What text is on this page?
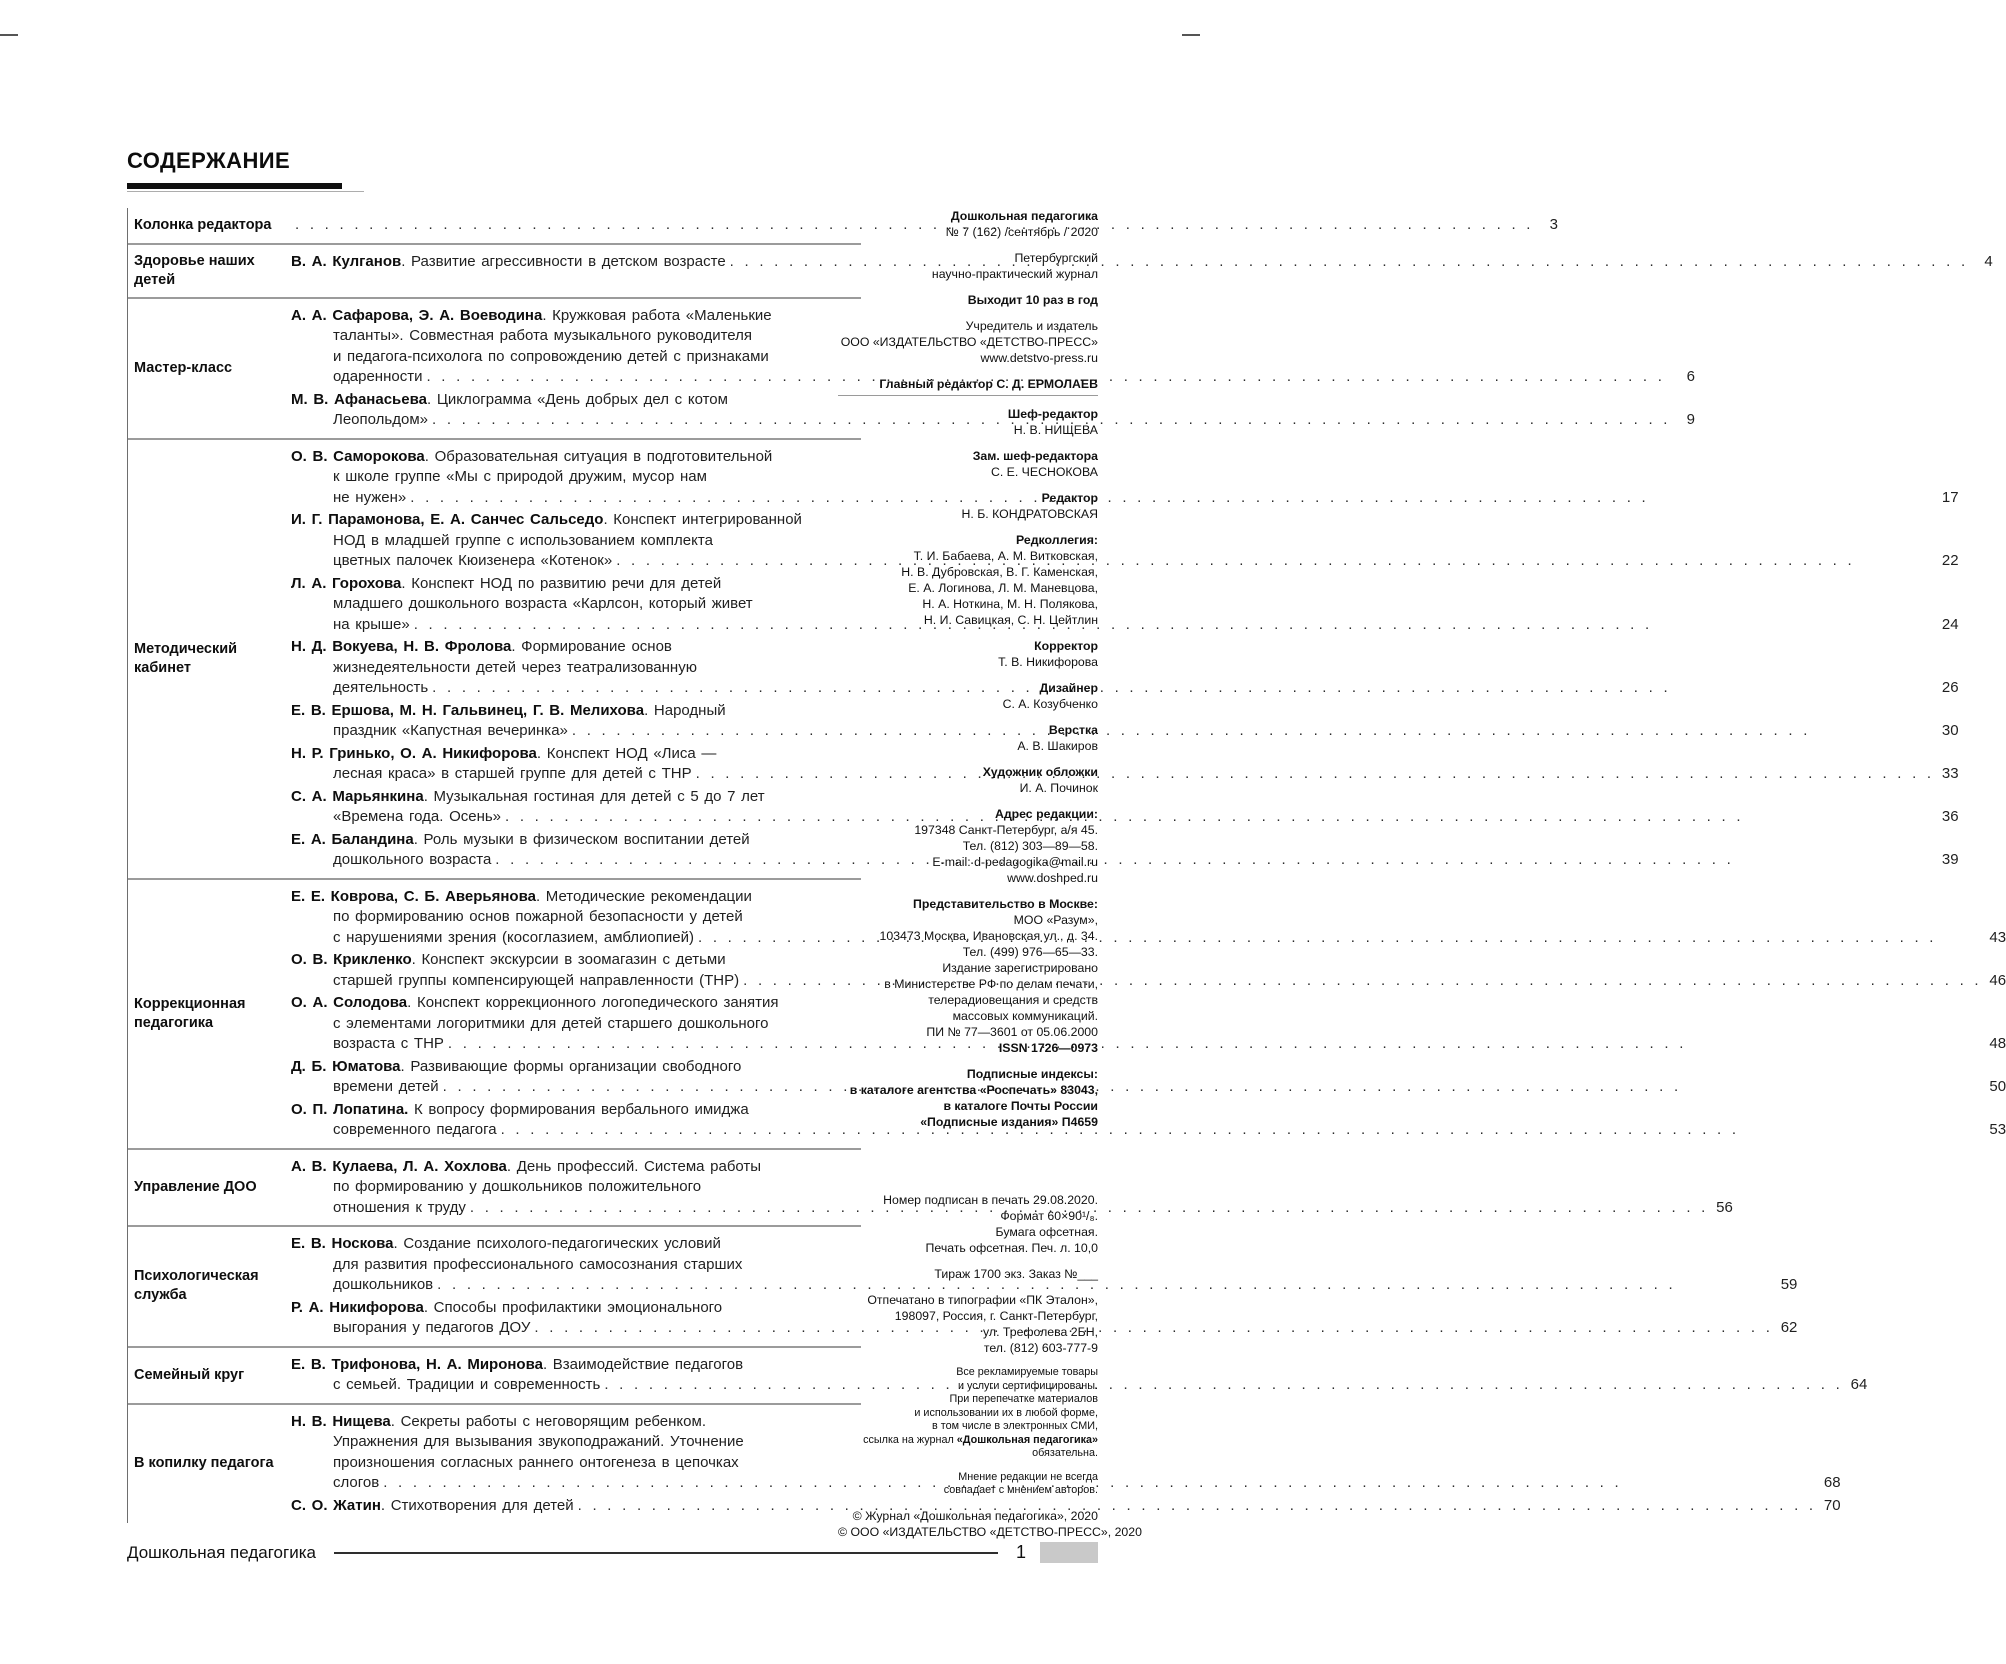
СОДЕРЖАНИЕ
Колонка редактора . . .	3
Здоровье наших детей
В. А. Кулганов. Развитие агрессивности в детском возрасте . . .	4
Мастер-класс
А. А. Сафарова, Э. А. Воеводина. Кружковая работа «Маленькие
таланты». Совместная работа музыкального руководителя
и педагога-психолога по сопровождению детей с признаками
одаренности . . .	6
М. В. Афанасьева. Циклограмма «День добрых дел с котом
Леопольдом» . . .	9
Методический кабинет
О. В. Саморокова. Образовательная ситуация в подготовительной
к школе группе «Мы с природой дружим, мусор нам
не нужен» . . .	17
И. Г. Парамонова, Е. А. Санчес Сальседо. Конспект интегрированной
НОД в младшей группе с использованием комплекта
цветных палочек Кюизенера «Котенок» . . .	22
Л. А. Горохова. Конспект НОД по развитию речи для детей
младшего дошкольного возраста «Карлсон, который живет
на крыше» . . .	24
Н. Д. Вокуева, Н. В. Фролова. Формирование основ
жизнедеятельности детей через театрализованную
деятельность . . .	26
Е. В. Ершова, М. Н. Гальвинец, Г. В. Мелихова. Народный
праздник «Капустная вечеринка» . . .	30
Н. Р. Гринько, О. А. Никифорова. Конспект НОД «Лиса —
лесная краса» в старшей группе для детей с ТНР . . .	33
С. А. Марьянкина. Музыкальная гостиная для детей с 5 до 7 лет
«Времена года. Осень» . . .	36
Е. А. Баландина. Роль музыки в физическом воспитании детей
дошкольного возраста . . .	39
Коррекционная педагогика
Е. Е. Коврова, С. Б. Аверьянова. Методические рекомендации
по формированию основ пожарной безопасности у детей
с нарушениями зрения (косоглазием, амблиопией) . . .	43
О. В. Крикленко. Конспект экскурсии в зоомагазин с детьми
старшей группы компенсирующей направленности (ТНР) . . .	46
О. А. Солодова. Конспект коррекционного логопедического занятия
с элементами логоритмики для детей старшего дошкольного
возраста с ТНР . . .	48
Д. Б. Юматова. Развивающие формы организации свободного
времени детей . . .	50
О. П. Лопатина. К вопросу формирования вербального имиджа
современного педагога . . .	53
Управление ДОО
А. В. Кулаева, Л. А. Хохлова. День профессий. Система работы
по формированию у дошкольников положительного
отношения к труду . . .	56
Психологическая служба
Е. В. Носкова. Создание психолого-педагогических условий
для развития профессионального самосознания старших
дошкольников . . .	59
Р. А. Никифорова. Способы профилактики эмоционального
выгорания у педагогов ДОУ . . .	62
Семейный круг
Е. В. Трифонова, Н. А. Миронова. Взаимодействие педагогов
с семьей. Традиции и современность . . .	64
В копилку педагога
Н. В. Нищева. Секреты работы с неговорящим ребенком.
Упражнения для вызывания звукоподражаний. Уточнение
произношения согласных раннего онтогенеза в цепочках
слогов . . .	68
С. О. Жатин. Стихотворения для детей . . .	70
Дошкольная педагогика
№ 7 (162) /сентябрь / 2020
Петербургский
научно-практический журнал
Выходит 10 раз в год
Учредитель и издатель
ООО «ИЗДАТЕЛЬСТВО «ДЕТСТВО-ПРЕСС»
www.detstvo-press.ru
Главный редактор С. Д. ЕРМОЛАЕВ
Шеф-редактор
Н. В. НИЩЕВА
Зам. шеф-редактора
С. Е. ЧЕСНОКОВА
Редактор
Н. Б. КОНДРАТОВСКАЯ
Редколлегия:
Т. И. Бабаева, А. М. Витковская,
Н. В. Дубровская, В. Г. Каменская,
Е. А. Логинова, Л. М. Маневцова,
Н. А. Ноткина, М. Н. Полякова,
Н. И. Савицкая, С. Н. Цейтлин
Корректор
Т. В. Никифорова
Дизайнер
С. А. Козубченко
Верстка
А. В. Шакиров
Художник обложки
И. А. Починок
Адрес редакции:
197348 Санкт-Петербург, а/я 45.
Тел. (812) 303—89—58.
E-mail: d-pedagogika@mail.ru
www.doshped.ru
Представительство в Москве:
МОО «Разум»,
103473 Москва, Ивановская ул., д. 34.
Тел. (499) 976—65—33.
Издание зарегистрировано
в Министерстве РФ по делам печати,
телерадиовещания и средств
массовых коммуникаций.
ПИ № 77—3601 от 05.06.2000
ISSN 1726—0973
Подписные индексы:
в каталоге агентства «Роспечать» 83043,
в каталоге Почты России
«Подписные издания» П4659
Номер подписан в печать 29.08.2020.
Формат 60×90¹/₈.
Бумага офсетная.
Печать офсетная. Печ. л. 10,0
Тираж 1700 экз. Заказ №___
Отпечатано в типографии «ПК Эталон»,
198097, Россия, г. Санкт-Петербург,
ул. Трефолева 2БН,
тел. (812) 603-777-9
Все рекламируемые товары
и услуги сертифицированы.
При перепечатке материалов
и использовании их в любой форме,
в том числе в электронных СМИ,
ссылка на журнал «Дошкольная педагогика»
обязательна.
Мнение редакции не всегда
совпадает с мнением авторов.
© Журнал «Дошкольная педагогика», 2020
© ООО «ИЗДАТЕЛЬСТВО «ДЕТСТВО-ПРЕСС», 2020
Дошкольная педагогика	1
